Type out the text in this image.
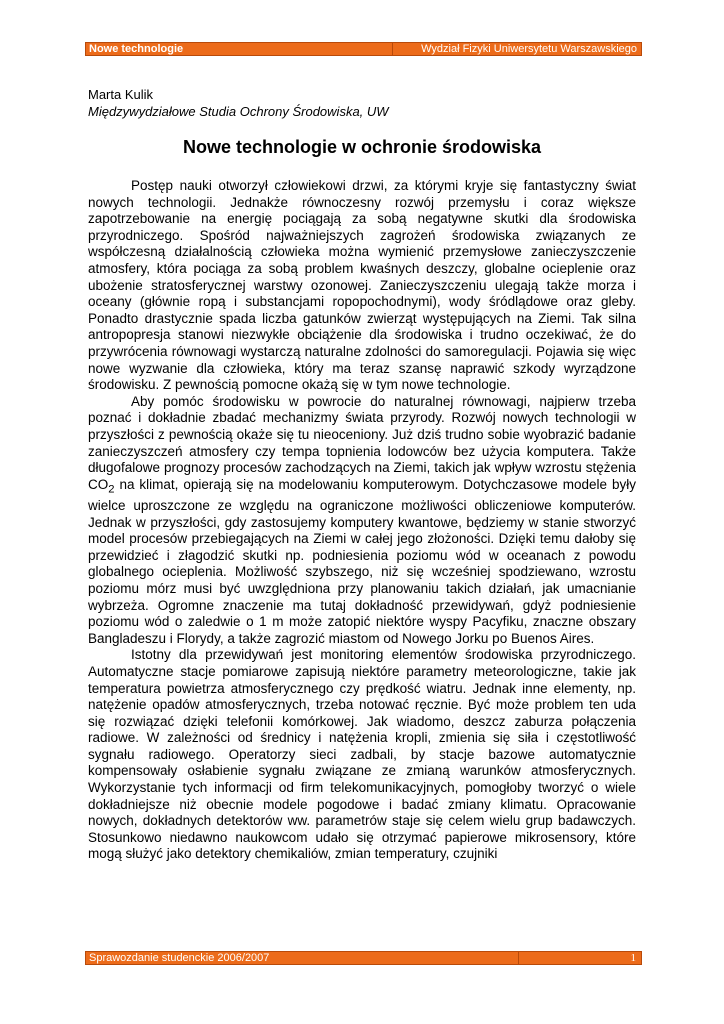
Nowe technologie	Wydział Fizyki Uniwersytetu Warszawskiego
Marta Kulik
Międzywydziałowe Studia Ochrony Środowiska, UW
Nowe technologie w ochronie środowiska

Postęp nauki otworzył człowiekowi drzwi, za którymi kryje się fantastyczny świat nowych technologii. Jednakże równoczesny rozwój przemysłu i coraz większe zapotrzebowanie na energię pociągają za sobą negatywne skutki dla środowiska przyrodniczego. Spośród najważniejszych zagrożeń środowiska związanych ze współczesną działalnością człowieka można wymienić przemysłowe zanieczyszczenie atmosfery, która pociąga za sobą problem kwaśnych deszczy, globalne ocieplenie oraz ubożenie stratosferycznej warstwy ozonowej. Zanieczyszczeniu ulegają także morza i oceany (głównie ropą i substancjami ropopochodnymi), wody śródlądowe oraz gleby. Ponadto drastycznie spada liczba gatunków zwierząt występujących na Ziemi. Tak silna antropopresja stanowi niezwykłe obciążenie dla środowiska i trudno oczekiwać, że do przywrócenia równowagi wystarczą naturalne zdolności do samoregulacji. Pojawia się więc nowe wyzwanie dla człowieka, który ma teraz szansę naprawić szkody wyrządzone środowisku. Z pewnością pomocne okażą się w tym nowe technologie.

Aby pomóc środowisku w powrocie do naturalnej równowagi, najpierw trzeba poznać i dokładnie zbadać mechanizmy świata przyrody. Rozwój nowych technologii w przyszłości z pewnością okaże się tu nieoceniony. Już dziś trudno sobie wyobrazić badanie zanieczyszczeń atmosfery czy tempa topnienia lodowców bez użycia komputera. Także długofalowe prognozy procesów zachodzących na Ziemi, takich jak wpływ wzrostu stężenia $CO_2$ na klimat, opierają się na modelowaniu komputerowym. Dotychczasowe modele były wielce uproszczone ze względu na ograniczone możliwości obliczeniowe komputerów. Jednak w przyszłości, gdy zastosujemy komputery kwantowe, będziemy w stanie stworzyć model procesów przebiegających na Ziemi w całej jego złożoności. Dzięki temu dałoby się przewidzieć i złagodzić skutki np. podniesienia poziomu wód w oceanach z powodu globalnego ocieplenia. Możliwość szybszego, niż się wcześniej spodziewano, wzrostu poziomu mórz musi być uwzględniona przy planowaniu takich działań, jak umacnianie wybrzeża. Ogromne znaczenie ma tutaj dokładność przewidywań, gdyż podniesienie poziomu wód o zaledwie o 1 m może zatopić niektóre wyspy Pacyfiku, znaczne obszary Bangladeszu i Florydy, a także zagrozić miastom od Nowego Jorku po Buenos Aires.

Istotny dla przewidywań jest monitoring elementów środowiska przyrodniczego. Automatyczne stacje pomiarowe zapisują niektóre parametry meteorologiczne, takie jak temperatura powietrza atmosferycznego czy prędkość wiatru. Jednak inne elementy, np. natężenie opadów atmosferycznych, trzeba notować ręcznie. Być może problem ten uda się rozwiązać dzięki telefonii komórkowej. Jak wiadomo, deszcz zaburza połączenia radiowe. W zależności od średnicy i natężenia kropli, zmienia się siła i częstotliwość sygnału radiowego. Operatorzy sieci zadbali, by stacje bazowe automatycznie kompensowały osłabienie sygnału związane ze zmianą warunków atmosferycznych. Wykorzystanie tych informacji od firm telekomunikacyjnych, pomogłoby tworzyć o wiele dokładniejsze niż obecnie modele pogodowe i badać zmiany klimatu. Opracowanie nowych, dokładnych detektorów ww. parametrów staje się celem wielu grup badawczych. Stosunkowo niedawno naukowcom udało się otrzymać papierowe mikrosensory, które mogą służyć jako detektory chemikaliów, zmian temperatury, czujniki

Sprawozdanie studenckie 2006/2007	1
